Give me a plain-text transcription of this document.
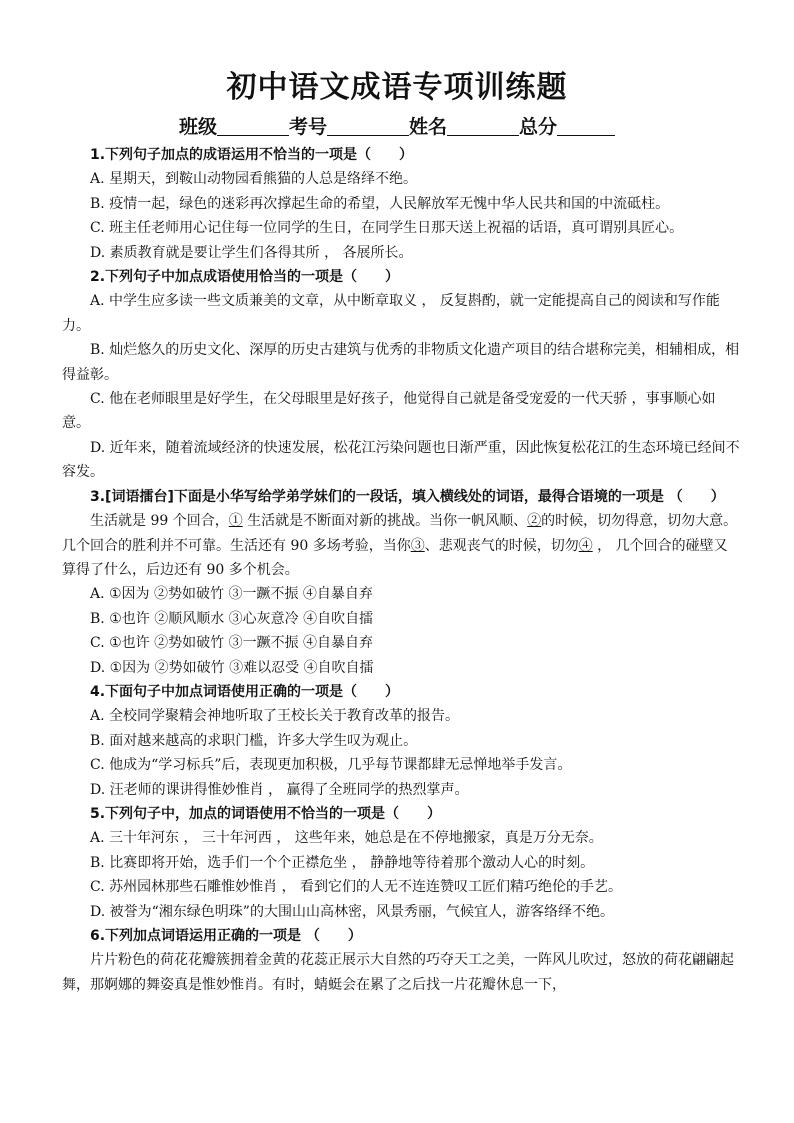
初中语文成语专项训练题
班级	考号	姓名	总分

1.下列句子加点的成语运用不恰当的一项是（　　）

A. 星期天，到鞍山动物园看熊猫的人总是络绎不绝。

B. 疫情一起，绿色的迷彩再次撑起生命的希望，人民解放军无愧中华人民共和国的中流砥柱。

C. 班主任老师用心记住每一位同学的生日，在同学生日那天送上祝福的话语，真可谓别具匠心。

D. 素质教育就是要让学生们各得其所 ， 各展所长。

2.下列句子中加点成语使用恰当的一项是（　　）

A. 中学生应多读一些文质兼美的文章，从中断章取义 ， 反复斟酌，就一定能提高自己的阅读和写作能力。

B. 灿烂悠久的历史文化、深厚的历史古建筑与优秀的非物质文化遗产项目的结合堪称完美，相辅相成，相得益彰。

C. 他在老师眼里是好学生，在父母眼里是好孩子，他觉得自己就是备受宠爱的一代天骄 ，事事顺心如意。

D. 近年来，随着流域经济的快速发展，松花江污染问题也日渐严重，因此恢复松花江的生态环境已经间不容发。

3.[词语擂台]下面是小华写给学弟学妹们的一段话，填入横线处的词语，最得合语境的一项是 （　　）

生活就是 99 个回合，① 生活就是不断面对新的挑战。当你一帆风顺、②的时候，切勿得意，切勿大意。几个回合的胜利并不可靠。生活还有 90 多场考验，当你③、悲观丧气的时候，切勿④ ， 几个回合的碰壁又算得了什么，后边还有 90 多个机会。

A. ①因为 ②势如破竹 ③一蹶不振 ④自暴自弃

B. ①也许 ②顺风顺水 ③心灰意冷 ④自吹自擂

C. ①也许 ②势如破竹 ③一蹶不振 ④自暴自弃

D. ①因为 ②势如破竹 ③难以忍受 ④自吹自擂

4.下面句子中加点词语使用正确的一项是（　　）

A. 全校同学聚精会神地听取了王校长关于教育改革的报告。

B. 面对越来越高的求职门槛，许多大学生叹为观止。

C. 他成为“学习标兵”后，表现更加积极，几乎每节课都肆无忌惮地举手发言。

D. 汪老师的课讲得惟妙惟肖 ， 赢得了全班同学的热烈掌声。

5.下列句子中，加点的词语使用不恰当的一项是（　　）

A. 三十年河东 ， 三十年河西 ， 这些年来，她总是在不停地搬家，真是万分无奈。

B. 比赛即将开始，选手们一个个正襟危坐 ， 静静地等待着那个激动人心的时刻。

C. 苏州园林那些石雕惟妙惟肖 ， 看到它们的人无不连连赞叹工匠们精巧绝伦的手艺。

D. 被誉为“湘东绿色明珠”的大围山山高林密，风景秀丽，气候宜人，游客络绎不绝。

6.下列加点词语运用正确的一项是 （　　）

片片粉色的荷花花瓣簇拥着金黄的花蕊正展示大自然的巧夺天工之美，一阵风儿吹过，怒放的荷花翩翩起舞，那婀娜的舞姿真是惟妙惟肖。有时，蜻蜓会在累了之后找一片花瓣休息一下，
